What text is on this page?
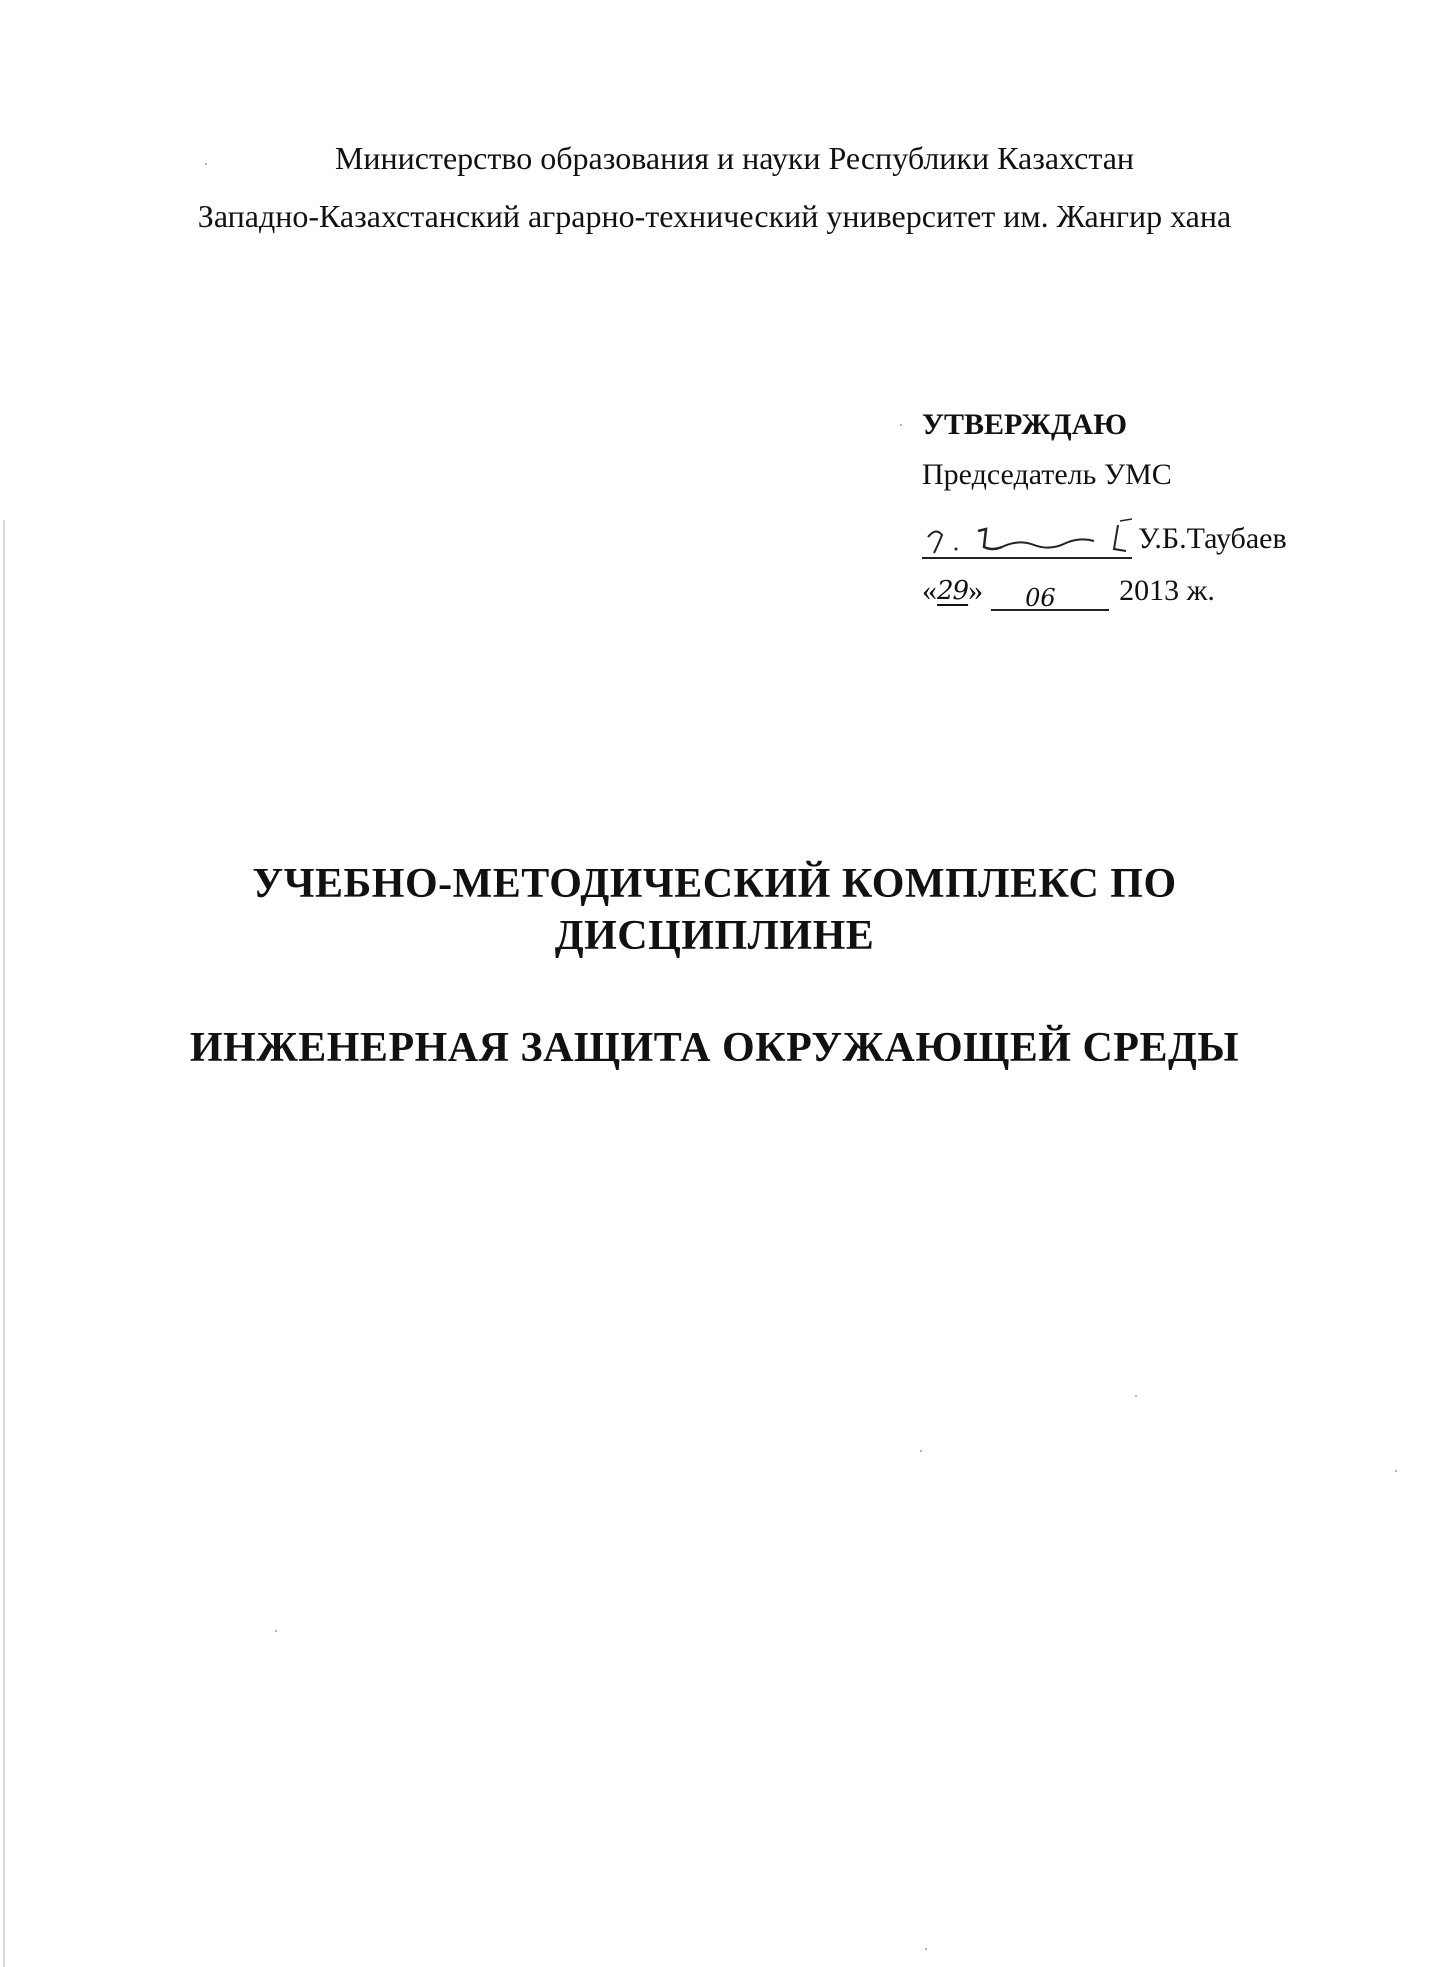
Министерство образования и науки Республики Казахстан
Западно-Казахстанский аграрно-технический университет им. Жангир хана
УТВЕРЖДАЮ
Председатель УМС
У.Б.Таубаев
« 29 »	06	2013 ж.
УЧЕБНО-МЕТОДИЧЕСКИЙ КОМПЛЕКС ПО
ДИСЦИПЛИНЕ
ИНЖЕНЕРНАЯ ЗАЩИТА ОКРУЖАЮЩЕЙ СРЕДЫ
